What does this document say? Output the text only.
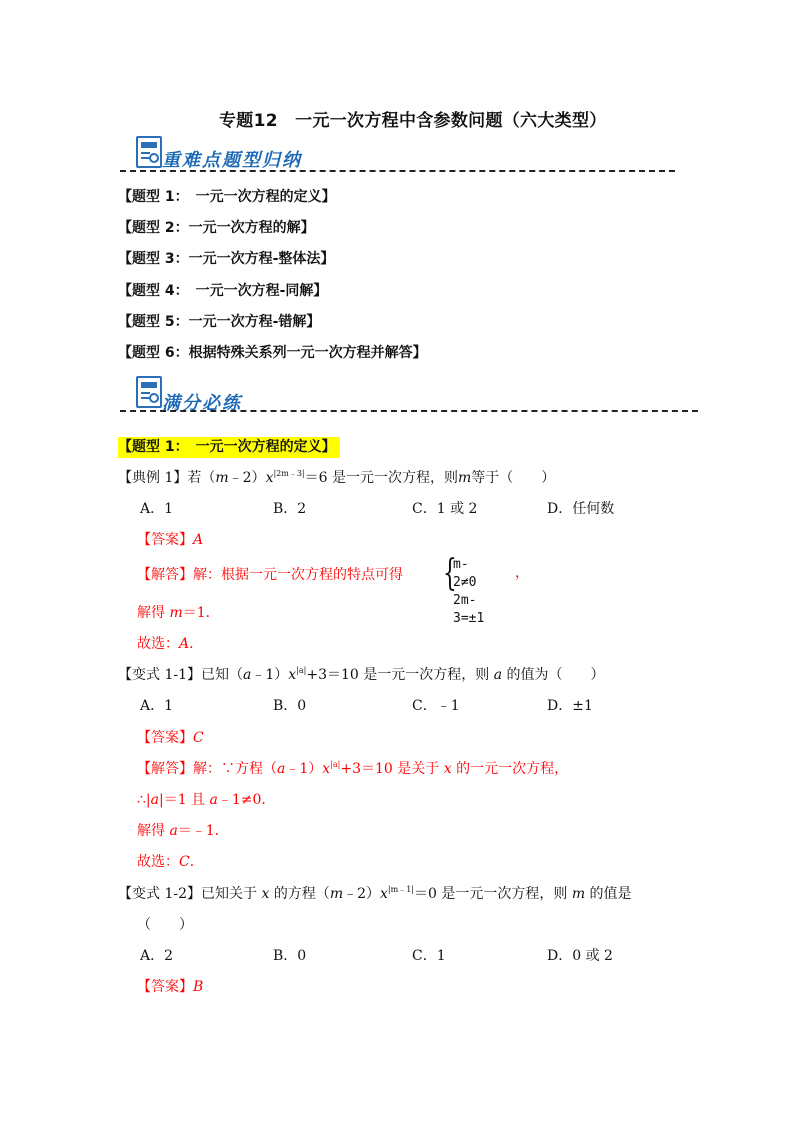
专题12　一元一次方程中含参数问题（六大类型）
重难点题型归纳
【题型 1：　一元一次方程的定义】
【题型 2：一元一次方程的解】
【题型 3：一元一次方程-整体法】
【题型 4：　一元一次方程-同解】
【题型 5：一元一次方程-错解】
【题型 6：根据特殊关系列一元一次方程并解答】
满分必练
【题型 1：　一元一次方程的定义】
【典例 1】若$(m﹣2)x^{|2m﹣3|}=6$ 是一元一次方程，则m等于（　　）
A．1	B．2	C．1 或 2	D．任何数
【答案】A
【解答】解：根据一元一次方程的特点可得 {
m-2≠0
2m-3=±1
，
解得 m＝1．
故选：A．
【变式 1-1】已知$(a﹣1)x^{|a|}+3=10$ 是一元一次方程，则 a 的值为（　　）
A．1	B．0	C．﹣1	D．±1
【答案】C
【解答】解：∵方程$(a﹣1)x^{|a|}+3=10$ 是关于 x 的一元一次方程，
∴|a|＝1 且 a﹣1≠0．
解得 a＝﹣1．
故选：C．
【变式 1-2】已知关于 x 的方程$(m﹣2)x^{|m﹣1|}=0$ 是一元一次方程，则 m 的值是
（　　）
A．2	B．0	C．1	D．0 或 2
【答案】B
